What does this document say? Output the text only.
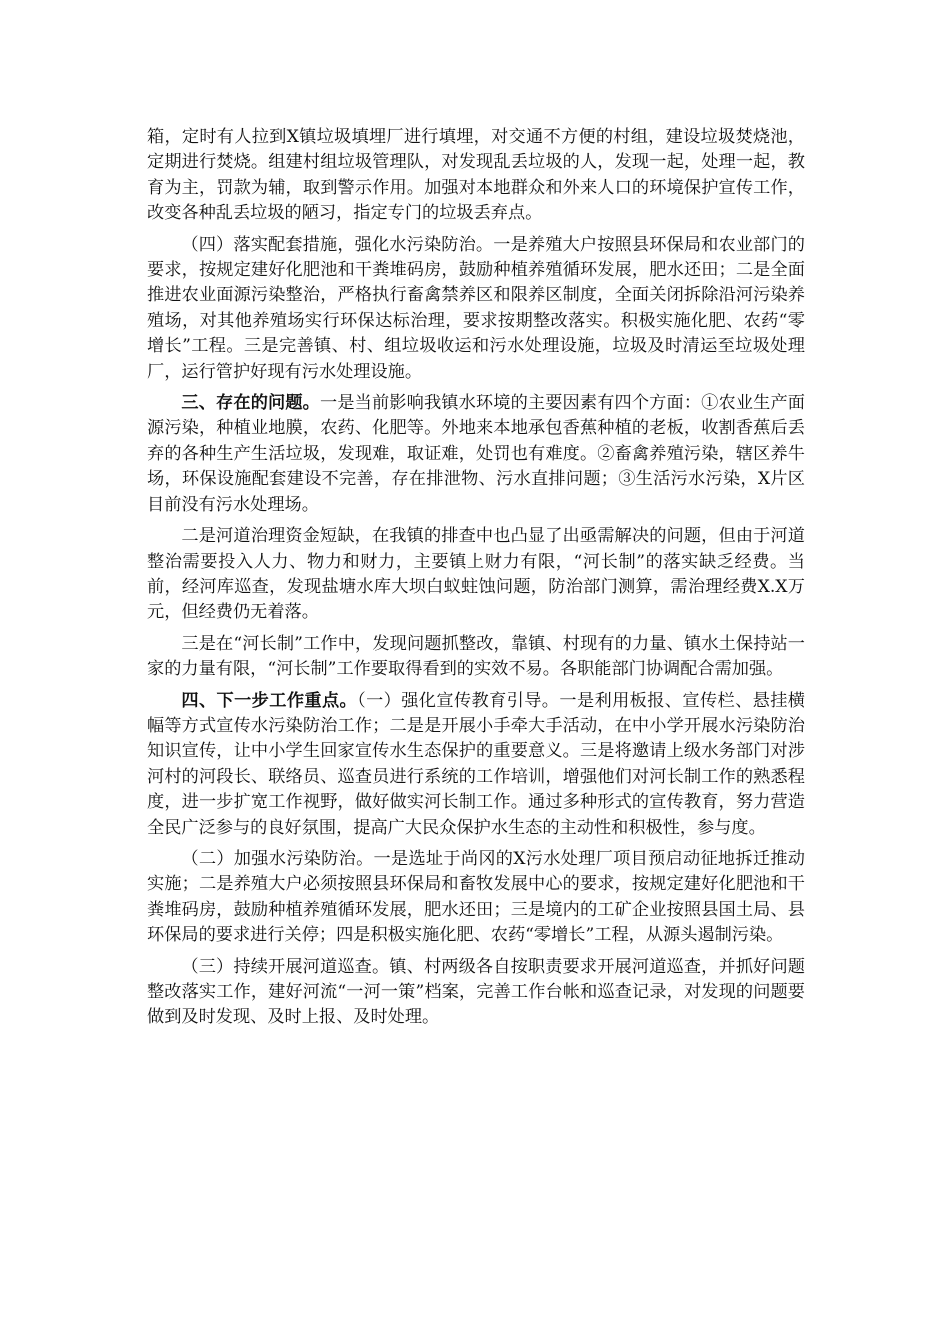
箱，定时有人拉到X镇垃圾填埋厂进行填埋，对交通不方便的村组，建设垃圾焚烧池，定期进行焚烧。组建村组垃圾管理队，对发现乱丢垃圾的人，发现一起，处理一起，教育为主，罚款为辅，取到警示作用。加强对本地群众和外来人口的环境保护宣传工作，改变各种乱丢垃圾的陋习，指定专门的垃圾丢弃点。

（四）落实配套措施，强化水污染防治。一是养殖大户按照县环保局和农业部门的要求，按规定建好化肥池和干粪堆码房，鼓励种植养殖循环发展，肥水还田；二是全面推进农业面源污染整治，严格执行畜禽禁养区和限养区制度，全面关闭拆除沿河污染养殖场，对其他养殖场实行环保达标治理，要求按期整改落实。积极实施化肥、农药“零增长”工程。三是完善镇、村、组垃圾收运和污水处理设施，垃圾及时清运至垃圾处理厂，运行管护好现有污水处理设施。

三、存在的问题。一是当前影响我镇水环境的主要因素有四个方面：①农业生产面源污染，种植业地膜，农药、化肥等。外地来本地承包香蕉种植的老板，收割香蕉后丢弃的各种生产生活垃圾，发现难，取证难，处罚也有难度。②畜禽养殖污染，辖区养牛场，环保设施配套建设不完善，存在排泄物、污水直排问题；③生活污水污染，X片区目前没有污水处理场。

二是河道治理资金短缺，在我镇的排查中也凸显了出亟需解决的问题，但由于河道整治需要投入人力、物力和财力，主要镇上财力有限，“河长制”的落实缺乏经费。当前，经河库巡查，发现盐塘水库大坝白蚁蛀蚀问题，防治部门测算，需治理经费X.X万元，但经费仍无着落。

三是在“河长制”工作中，发现问题抓整改，靠镇、村现有的力量、镇水土保持站一家的力量有限，“河长制”工作要取得看到的实效不易。各职能部门协调配合需加强。

四、下一步工作重点。（一）强化宣传教育引导。一是利用板报、宣传栏、悬挂横幅等方式宣传水污染防治工作；二是是开展小手牵大手活动，在中小学开展水污染防治知识宣传，让中小学生回家宣传水生态保护的重要意义。三是将邀请上级水务部门对涉河村的河段长、联络员、巡查员进行系统的工作培训，增强他们对河长制工作的熟悉程度，进一步扩宽工作视野，做好做实河长制工作。通过多种形式的宣传教育，努力营造全民广泛参与的良好氛围，提高广大民众保护水生态的主动性和积极性，参与度。

（二）加强水污染防治。一是选址于尚冈的X污水处理厂项目预启动征地拆迁推动实施；二是养殖大户必须按照县环保局和畜牧发展中心的要求，按规定建好化肥池和干粪堆码房，鼓励种植养殖循环发展，肥水还田；三是境内的工矿企业按照县国土局、县环保局的要求进行关停；四是积极实施化肥、农药“零增长”工程，从源头遏制污染。

（三）持续开展河道巡查。镇、村两级各自按职责要求开展河道巡查，并抓好问题整改落实工作，建好河流“一河一策”档案，完善工作台帐和巡查记录，对发现的问题要做到及时发现、及时上报、及时处理。
